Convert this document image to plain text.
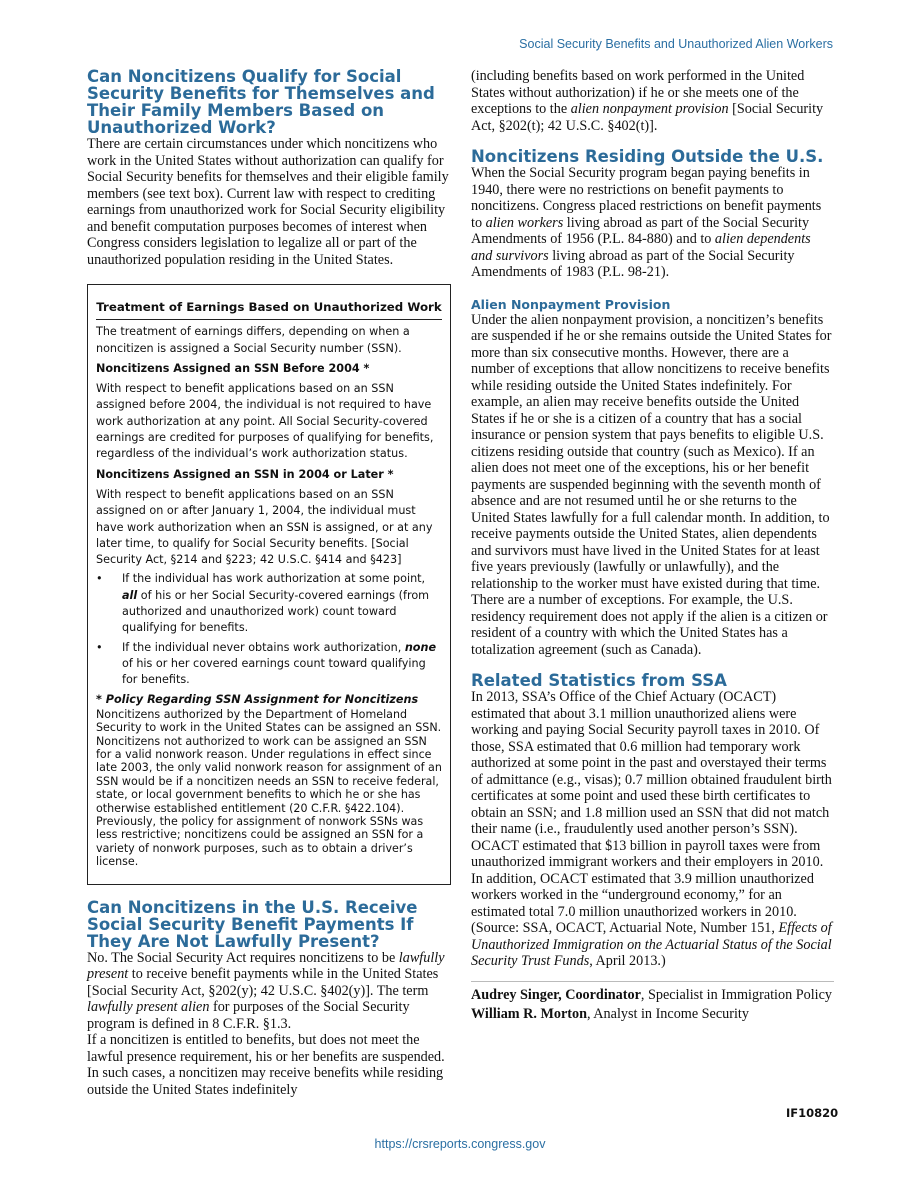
Social Security Benefits and Unauthorized Alien Workers
Can Noncitizens Qualify for Social Security Benefits for Themselves and Their Family Members Based on Unauthorized Work?

There are certain circumstances under which noncitizens who work in the United States without authorization can qualify for Social Security benefits for themselves and their eligible family members (see text box). Current law with respect to crediting earnings from unauthorized work for Social Security eligibility and benefit computation purposes becomes of interest when Congress considers legislation to legalize all or part of the unauthorized population residing in the United States.

Treatment of Earnings Based on Unauthorized Work

The treatment of earnings differs, depending on when a noncitizen is assigned a Social Security number (SSN).

Noncitizens Assigned an SSN Before 2004 *

With respect to benefit applications based on an SSN assigned before 2004, the individual is not required to have work authorization at any point. All Social Security-covered earnings are credited for purposes of qualifying for benefits, regardless of the individual’s work authorization status.

Noncitizens Assigned an SSN in 2004 or Later *

With respect to benefit applications based on an SSN assigned on or after January 1, 2004, the individual must have work authorization when an SSN is assigned, or at any later time, to qualify for Social Security benefits. [Social Security Act, §214 and §223; 42 U.S.C. §414 and §423]

• If the individual has work authorization at some point, all of his or her Social Security-covered earnings (from authorized and unauthorized work) count toward qualifying for benefits.
• If the individual never obtains work authorization, none of his or her covered earnings count toward qualifying for benefits.
* Policy Regarding SSN Assignment for Noncitizens

Noncitizens authorized by the Department of Homeland Security to work in the United States can be assigned an SSN. Noncitizens not authorized to work can be assigned an SSN for a valid nonwork reason. Under regulations in effect since late 2003, the only valid nonwork reason for assignment of an SSN would be if a noncitizen needs an SSN to receive federal, state, or local government benefits to which he or she has otherwise established entitlement (20 C.F.R. §422.104). Previously, the policy for assignment of nonwork SSNs was less restrictive; noncitizens could be assigned an SSN for a variety of nonwork purposes, such as to obtain a driver’s license.

Can Noncitizens in the U.S. Receive Social Security Benefit Payments If They Are Not Lawfully Present?

No. The Social Security Act requires noncitizens to be lawfully present to receive benefit payments while in the United States [Social Security Act, §202(y); 42 U.S.C. §402(y)]. The term lawfully present alien for purposes of the Social Security program is defined in 8 C.F.R. §1.3.

If a noncitizen is entitled to benefits, but does not meet the lawful presence requirement, his or her benefits are suspended. In such cases, a noncitizen may receive benefits while residing outside the United States indefinitely

(including benefits based on work performed in the United States without authorization) if he or she meets one of the exceptions to the alien nonpayment provision [Social Security Act, §202(t); 42 U.S.C. §402(t)].

Noncitizens Residing Outside the U.S.

When the Social Security program began paying benefits in 1940, there were no restrictions on benefit payments to noncitizens. Congress placed restrictions on benefit payments to alien workers living abroad as part of the Social Security Amendments of 1956 (P.L. 84-880) and to alien dependents and survivors living abroad as part of the Social Security Amendments of 1983 (P.L. 98-21).

Alien Nonpayment Provision

Under the alien nonpayment provision, a noncitizen’s benefits are suspended if he or she remains outside the United States for more than six consecutive months. However, there are a number of exceptions that allow noncitizens to receive benefits while residing outside the United States indefinitely. For example, an alien may receive benefits outside the United States if he or she is a citizen of a country that has a social insurance or pension system that pays benefits to eligible U.S. citizens residing outside that country (such as Mexico). If an alien does not meet one of the exceptions, his or her benefit payments are suspended beginning with the seventh month of absence and are not resumed until he or she returns to the United States lawfully for a full calendar month. In addition, to receive payments outside the United States, alien dependents and survivors must have lived in the United States for at least five years previously (lawfully or unlawfully), and the relationship to the worker must have existed during that time. There are a number of exceptions. For example, the U.S. residency requirement does not apply if the alien is a citizen or resident of a country with which the United States has a totalization agreement (such as Canada).

Related Statistics from SSA

In 2013, SSA’s Office of the Chief Actuary (OCACT) estimated that about 3.1 million unauthorized aliens were working and paying Social Security payroll taxes in 2010. Of those, SSA estimated that 0.6 million had temporary work authorized at some point in the past and overstayed their terms of admittance (e.g., visas); 0.7 million obtained fraudulent birth certificates at some point and used these birth certificates to obtain an SSN; and 1.8 million used an SSN that did not match their name (i.e., fraudulently used another person’s SSN). OCACT estimated that $13 billion in payroll taxes were from unauthorized immigrant workers and their employers in 2010. In addition, OCACT estimated that 3.9 million unauthorized workers worked in the “underground economy,” for an estimated total 7.0 million unauthorized workers in 2010. (Source: SSA, OCACT, Actuarial Note, Number 151, Effects of Unauthorized Immigration on the Actuarial Status of the Social Security Trust Funds, April 2013.)

Audrey Singer, Coordinator, Specialist in Immigration Policy
William R. Morton, Analyst in Income Security
IF10820
https://crsreports.congress.gov
